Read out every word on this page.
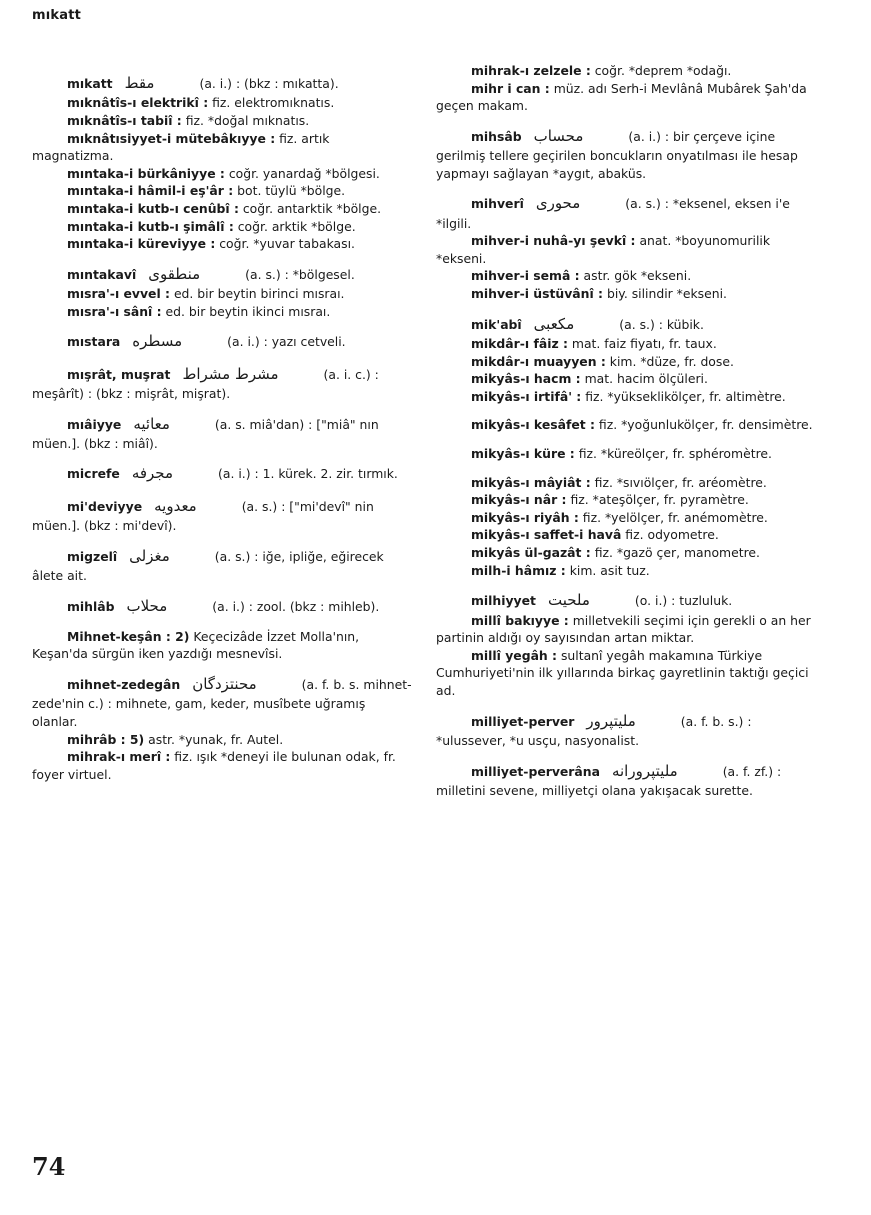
mıkatt

mıkatt مقط	(a. i.) : (bkz : mıkatta).

mıknâtîs-ı elektrikî : fiz. elektromıknatıs.

mıknâtîs-ı tabiî : fiz. *doğal mıknatıs.

mıknâtısiyyet-i mütebâkıyye : fiz. artık magnatizma.

mıntaka-i bürkâniyye : coğr. yanardağ *bölgesi.

mıntaka-i hâmil-i eş'âr : bot. tüylü *bölge.

mıntaka-i kutb-ı cenûbî : coğr. antarktik *bölge.

mıntaka-i kutb-ı şimâlî : coğr. arktik *bölge.

mıntaka-i küreviyye : coğr. *yuvar tabakası.

mıntakavî منطقوى	(a. s.) : *bölgesel.

mısra'-ı evvel : ed. bir beytin birinci mısraı.

mısra'-ı sânî : ed. bir beytin ikinci mısraı.

mıstara مسطره	(a. i.) : yazı cetveli.

mışrât, muşrat مشرط مشراط	(a. i. c.) : meşârît) : (bkz : mişrât, mişrat).

mıâiyye معائيه	(a. s. miâ'dan) : ["miâ" nın müen.]. (bkz : miâî).

micrefe مجرفه	(a. i.) : 1. kürek. 2. zir. tırmık.

mi'deviyye معدويه	(a. s.) : ["mi'devî" nin müen.]. (bkz : mi'devî).

migzelî مغزلى	(a. s.) : iğe, ipliğe, eğirecek âlete ait.

mihlâb محلاب	(a. i.) : zool. (bkz : mihleb).

Mihnet-keşân : 2) Keçecizâde İzzet Molla'nın, Keşan'da sürgün iken yazdığı mesnevîsi.

mihnet-zedegân محنتزدگان	(a. f. b. s. mihnet-zede'nin c.) : mihnete, gam, keder, musîbete uğramış olanlar.

mihrâb : 5) astr. *yunak, fr. Autel.

mihrak-ı merî : fiz. ışık *deneyi ile bulunan odak, fr. foyer virtuel.

mihrak-ı zelzele : coğr. *deprem *odağı.

mihr i can : müz. adı Serh-i Mevlânâ Mubârek Şah'da geçen makam.

mihsâb محساب	(a. i.) : bir çerçeve içine gerilmiş tellere geçirilen boncukların onyatılması ile hesap yapmayı sağlayan *aygıt, abaküs.

mihverî محورى	(a. s.) : *eksenel, eksen i'e *ilgili.

mihver-i nuhâ-yı şevkî : anat. *boyunomurilik *ekseni.

mihver-i semâ : astr. gök *ekseni.

mihver-i üstüvânî : biy. silindir *ekseni.

mik'abî مكعبى	(a. s.) : kübik.

mikdâr-ı fâiz : mat. faiz fiyatı, fr. taux.

mikdâr-ı muayyen : kim. *düze, fr. dose.

mikyâs-ı hacm : mat. hacim ölçüleri.

mikyâs-ı irtifâ' : fiz. *yükseklikölçer, fr. altimètre.

mikyâs-ı kesâfet : fiz. *yoğunlukölçer, fr. densimètre.

mikyâs-ı küre : fiz. *küreölçer, fr. sphéromètre.

mikyâs-ı mâyiât : fiz. *sıvıölçer, fr. aréomètre.

mikyâs-ı nâr : fiz. *ateşölçer, fr. pyramètre.

mikyâs-ı riyâh : fiz. *yelölçer, fr. anémomètre.

mikyâs-ı saffet-i havâ fiz. odyometre.

mikyâs ül-gazât : fiz. *gazö çer, manometre.

milh-i hâmız : kim. asit tuz.

milhiyyet ملحيت	(o. i.) : tuzluluk.

millî bakıyye : milletvekili seçimi için gerekli o an her partinin aldığı oy sayısından artan miktar.

millî yegâh : sultanî yegâh makamına Türkiye Cumhuriyeti'nin ilk yıllarında birkaç gayretlinin taktığı geçici ad.

milliyet-perver مليتپرور	(a. f. b. s.) : *ulussever, *u usçu, nasyonalist.

milliyet-perverâna مليتپرورانه	(a. f. zf.) : milletini sevene, milliyetçi olana yakışacak surette.

74
